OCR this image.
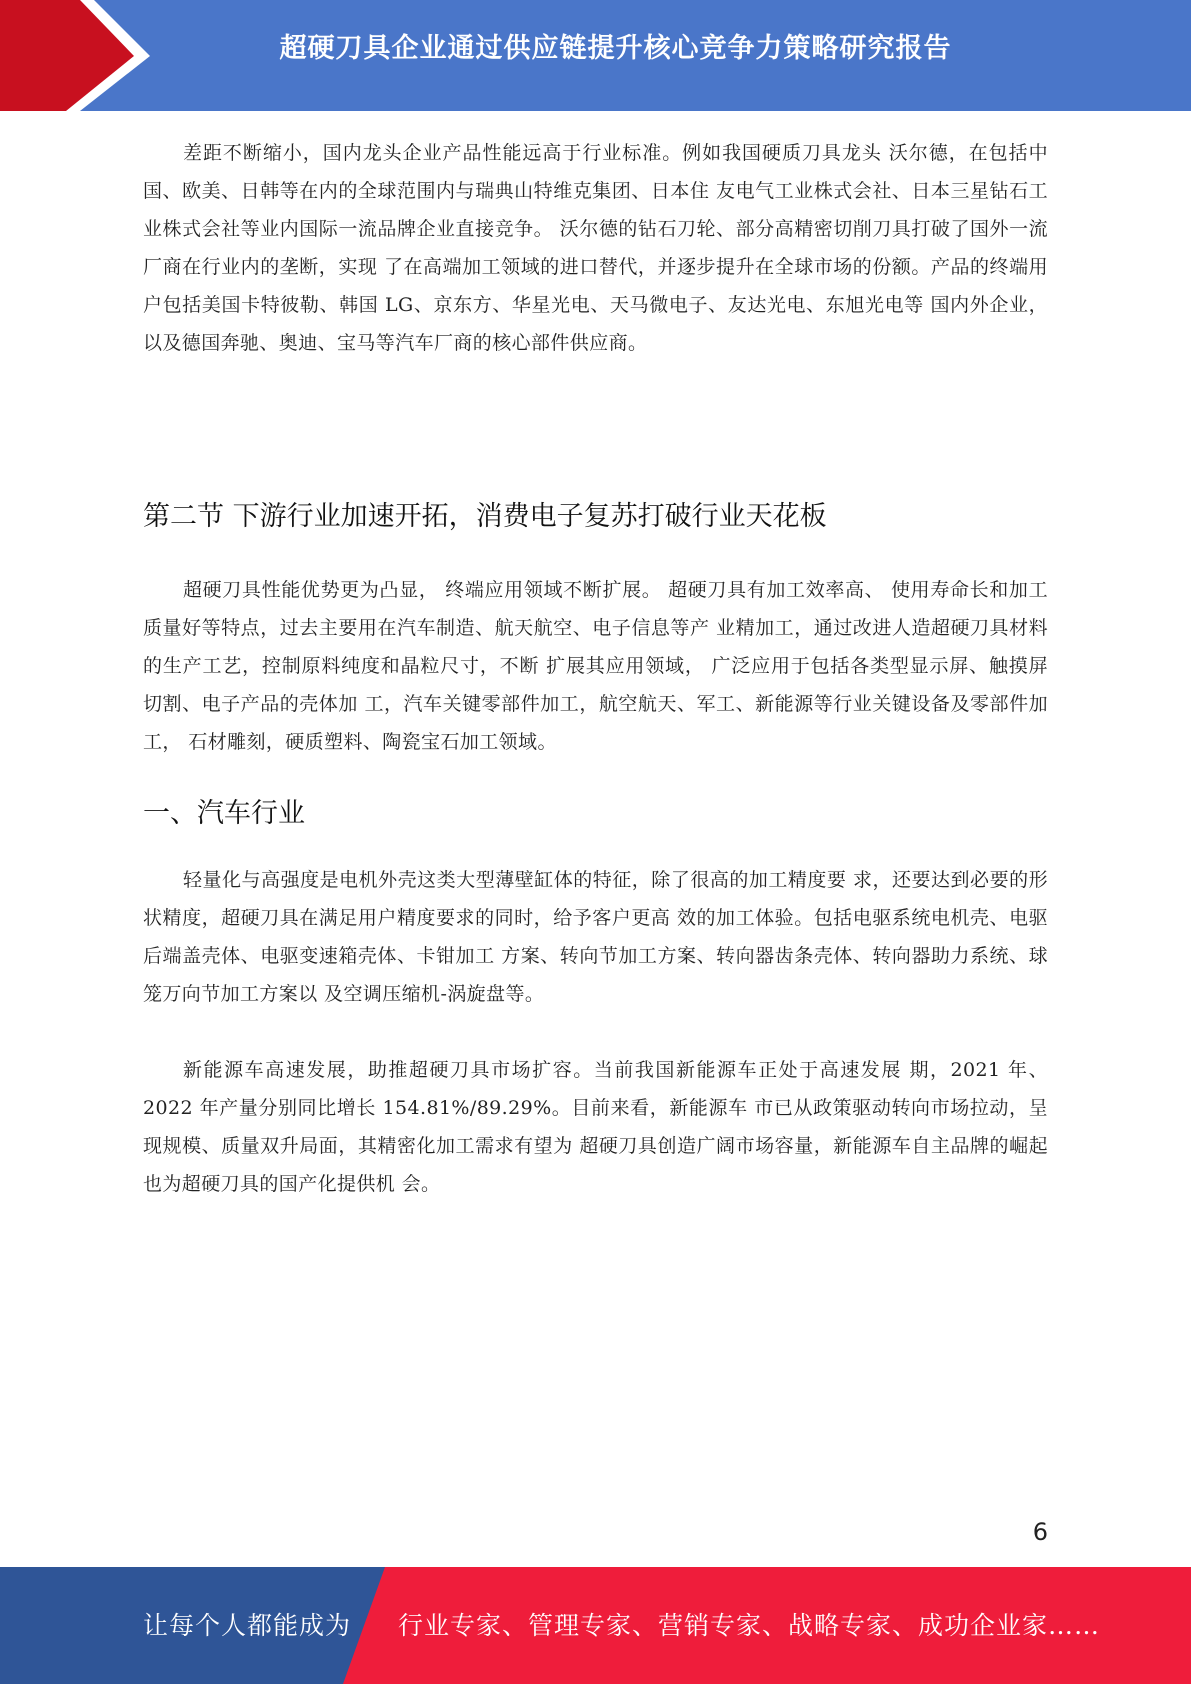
超硬刀具企业通过供应链提升核心竞争力策略研究报告

差距不断缩小，国内龙头企业产品性能远高于行业标准。例如我国硬质刀具龙头 沃尔德，在包括中国、欧美、日韩等在内的全球范围内与瑞典山特维克集团、日本住 友电气工业株式会社、日本三星钻石工业株式会社等业内国际一流品牌企业直接竞争。 沃尔德的钻石刀轮、部分高精密切削刀具打破了国外一流厂商在行业内的垄断，实现 了在高端加工领域的进口替代，并逐步提升在全球市场的份额。产品的终端用户包括美国卡特彼勒、韩国 LG、京东方、华星光电、天马微电子、友达光电、东旭光电等 国内外企业，以及德国奔驰、奥迪、宝马等汽车厂商的核心部件供应商。

第二节 下游行业加速开拓，消费电子复苏打破行业天花板

超硬刀具性能优势更为凸显， 终端应用领域不断扩展。 超硬刀具有加工效率高、 使用寿命长和加工质量好等特点，过去主要用在汽车制造、航天航空、电子信息等产 业精加工，通过改进人造超硬刀具材料的生产工艺，控制原料纯度和晶粒尺寸，不断 扩展其应用领域， 广泛应用于包括各类型显示屏、触摸屏切割、电子产品的壳体加 工，汽车关键零部件加工，航空航天、军工、新能源等行业关键设备及零部件加工， 石材雕刻，硬质塑料、陶瓷宝石加工领域。

一、汽车行业

轻量化与高强度是电机外壳这类大型薄壁缸体的特征，除了很高的加工精度要 求，还要达到必要的形状精度，超硬刀具在满足用户精度要求的同时，给予客户更高 效的加工体验。包括电驱系统电机壳、电驱后端盖壳体、电驱变速箱壳体、卡钳加工 方案、转向节加工方案、转向器齿条壳体、转向器助力系统、球笼万向节加工方案以 及空调压缩机-涡旋盘等。

新能源车高速发展，助推超硬刀具市场扩容。当前我国新能源车正处于高速发展 期，2021 年、2022 年产量分别同比增长 154.81%/89.29%。目前来看，新能源车 市已从政策驱动转向市场拉动，呈现规模、质量双升局面，其精密化加工需求有望为 超硬刀具创造广阔市场容量，新能源车自主品牌的崛起也为超硬刀具的国产化提供机 会。

6
让每个人都能成为 行业专家、管理专家、营销专家、战略专家、成功企业家……
